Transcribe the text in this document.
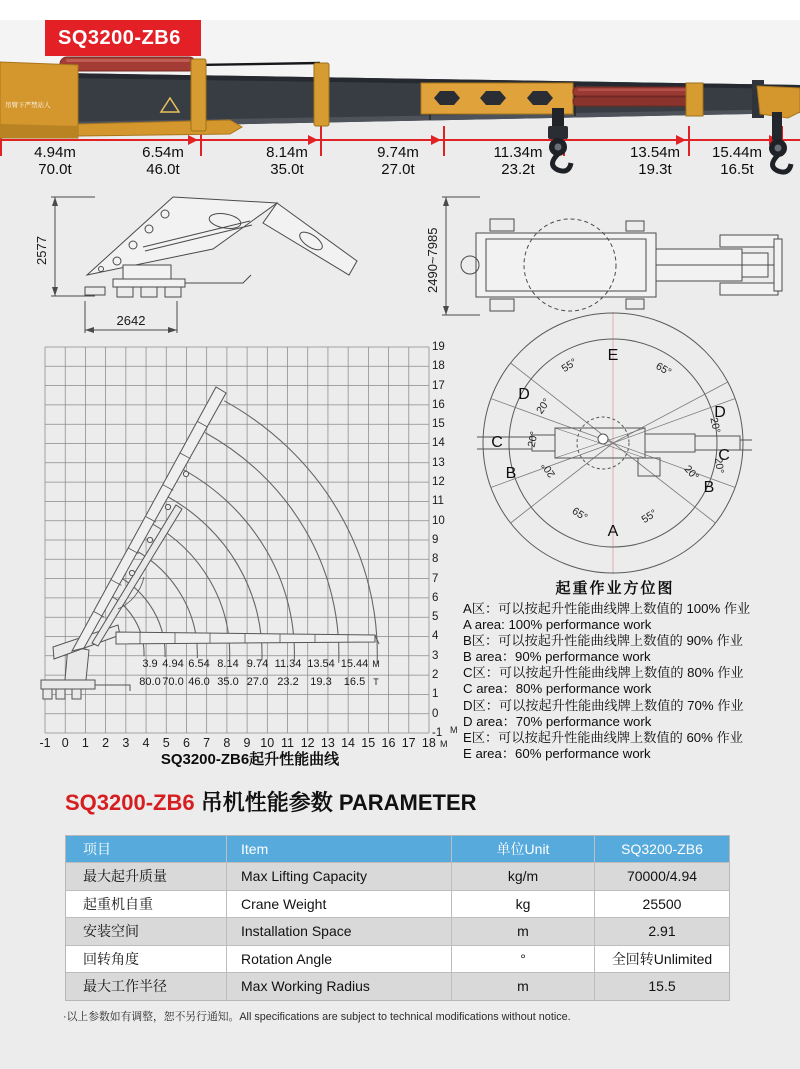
SQ3200-ZB6
吊臂下严禁站人
4.94m
70.0t
6.54m
46.0t
8.14m
35.0t
9.74m
27.0t
11.34m
23.2t
13.54m
19.3t
15.44m
16.5t
2577
2642
2490~7985
19
18
17
16
15
14
13
12
11
10
9
8
7
6
5
4
3
2
1
0
-1 M
-1 0	1	2	3	4	5	6	7	8	9 10 11 12 13 14 15 16 17 18 M
3.9 4.94 6.54 8.14 9.74 11.34 13.54 15.44 M
80.0 70.0 46.0 35.0 27.0 23.2	19.3	16.5 T
SQ3200-ZB6起升性能曲线
E
A
D
D
C
C
B
B
55°	65°
20°
20°
20°
20°
20°
20°
65°	55°
起重作业方位图
A区：可以按起升性能曲线牌上数值的 100% 作业
A area: 100% performance work
B区：可以按起升性能曲线牌上数值的 90% 作业
B area：90% performance work
C区：可以按起升性能曲线牌上数值的 80% 作业
C area：80% performance work
D区：可以按起升性能曲线牌上数值的 70% 作业
D area：70% performance work
E区：可以按起升性能曲线牌上数值的 60% 作业
E area：60% performance work
SQ3200-ZB6 吊机性能参数 PARAMETER
项目	Item	单位Unit	SQ3200-ZB6
最大起升质量	Max Lifting Capacity	kg/m	70000/4.94
起重机自重	Crane Weight	kg	25500
安装空间	Installation Space	m	2.91
回转角度	Rotation Angle	°	全回转Unlimited
最大工作半径	Max Working Radius	m	15.5
·以上参数如有调整，恕不另行通知。All specifications are subject to technical modifications without notice.
